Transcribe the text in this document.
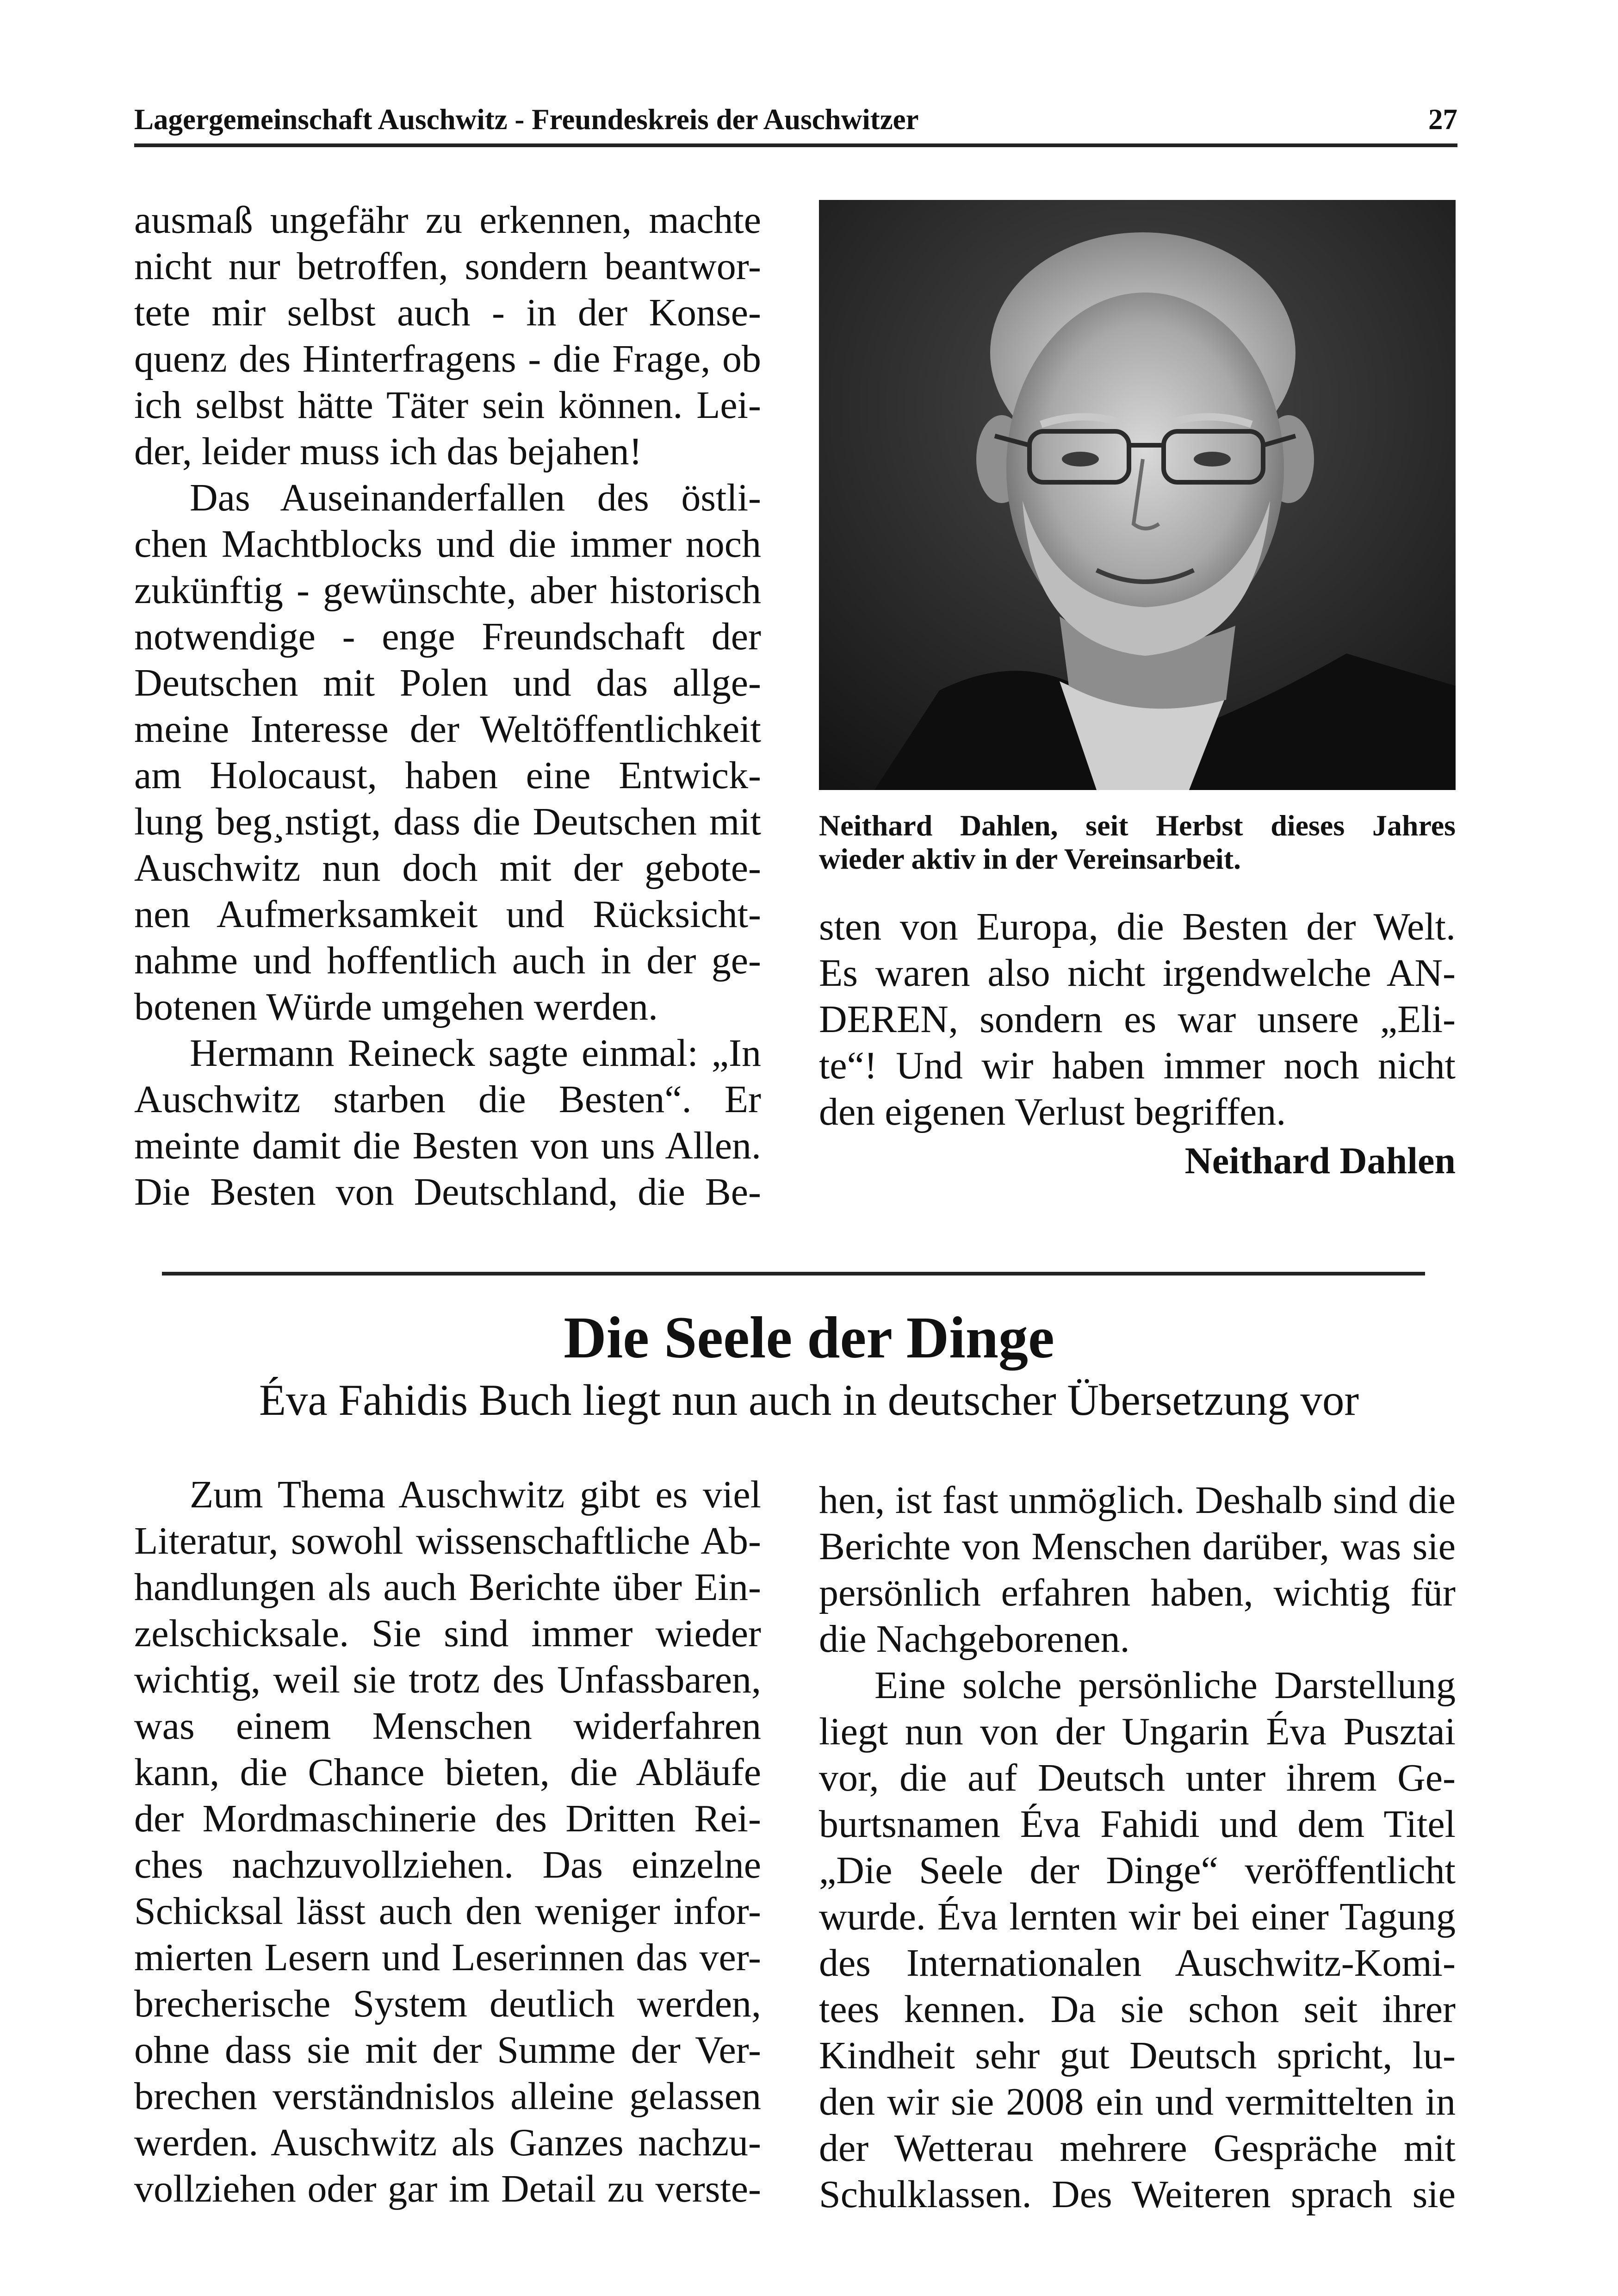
Lagergemeinschaft Auschwitz - Freundeskreis der Auschwitzer	27
ausmaß ungefähr zu erkennen, machte
nicht nur betroffen, sondern beantwor-
tete mir selbst auch - in der Konse-
quenz des Hinterfragens - die Frage, ob
ich selbst hätte Täter sein können. Lei-
der, leider muss ich das bejahen!
Das Auseinanderfallen des östli-
chen Machtblocks und die immer noch
zukünftig - gewünschte, aber historisch
notwendige - enge Freundschaft der
Deutschen mit Polen und das allge-
meine Interesse der Weltöffentlichkeit
am Holocaust, haben eine Entwick-
lung beg¸nstigt, dass die Deutschen mit
Auschwitz nun doch mit der gebote-
nen Aufmerksamkeit und Rücksicht-
nahme und hoffentlich auch in der ge-
botenen Würde umgehen werden.
Hermann Reineck sagte einmal: „In
Auschwitz starben die Besten“. Er
meinte damit die Besten von uns Allen.
Die Besten von Deutschland, die Be-
Neithard Dahlen, seit Herbst dieses Jahres
wieder aktiv in der Vereinsarbeit.
sten von Europa, die Besten der Welt.
Es waren also nicht irgendwelche AN-
DEREN, sondern es war unsere „Eli-
te“! Und wir haben immer noch nicht
den eigenen Verlust begriffen.
Neithard Dahlen
Die Seele der Dinge
Éva Fahidis Buch liegt nun auch in deutscher Übersetzung vor
Zum Thema Auschwitz gibt es viel
Literatur, sowohl wissenschaftliche Ab-
handlungen als auch Berichte über Ein-
zelschicksale. Sie sind immer wieder
wichtig, weil sie trotz des Unfassbaren,
was einem Menschen widerfahren
kann, die Chance bieten, die Abläufe
der Mordmaschinerie des Dritten Rei-
ches nachzuvollziehen. Das einzelne
Schicksal lässt auch den weniger infor-
mierten Lesern und Leserinnen das ver-
brecherische System deutlich werden,
ohne dass sie mit der Summe der Ver-
brechen verständnislos alleine gelassen
werden. Auschwitz als Ganzes nachzu-
vollziehen oder gar im Detail zu verste-
hen, ist fast unmöglich. Deshalb sind die
Berichte von Menschen darüber, was sie
persönlich erfahren haben, wichtig für
die Nachgeborenen.
Eine solche persönliche Darstellung
liegt nun von der Ungarin Éva Pusztai
vor, die auf Deutsch unter ihrem Ge-
burtsnamen Éva Fahidi und dem Titel
„Die Seele der Dinge“ veröffentlicht
wurde. Éva lernten wir bei einer Tagung
des Internationalen Auschwitz-Komi-
tees kennen. Da sie schon seit ihrer
Kindheit sehr gut Deutsch spricht, lu-
den wir sie 2008 ein und vermittelten in
der Wetterau mehrere Gespräche mit
Schulklassen. Des Weiteren sprach sie
